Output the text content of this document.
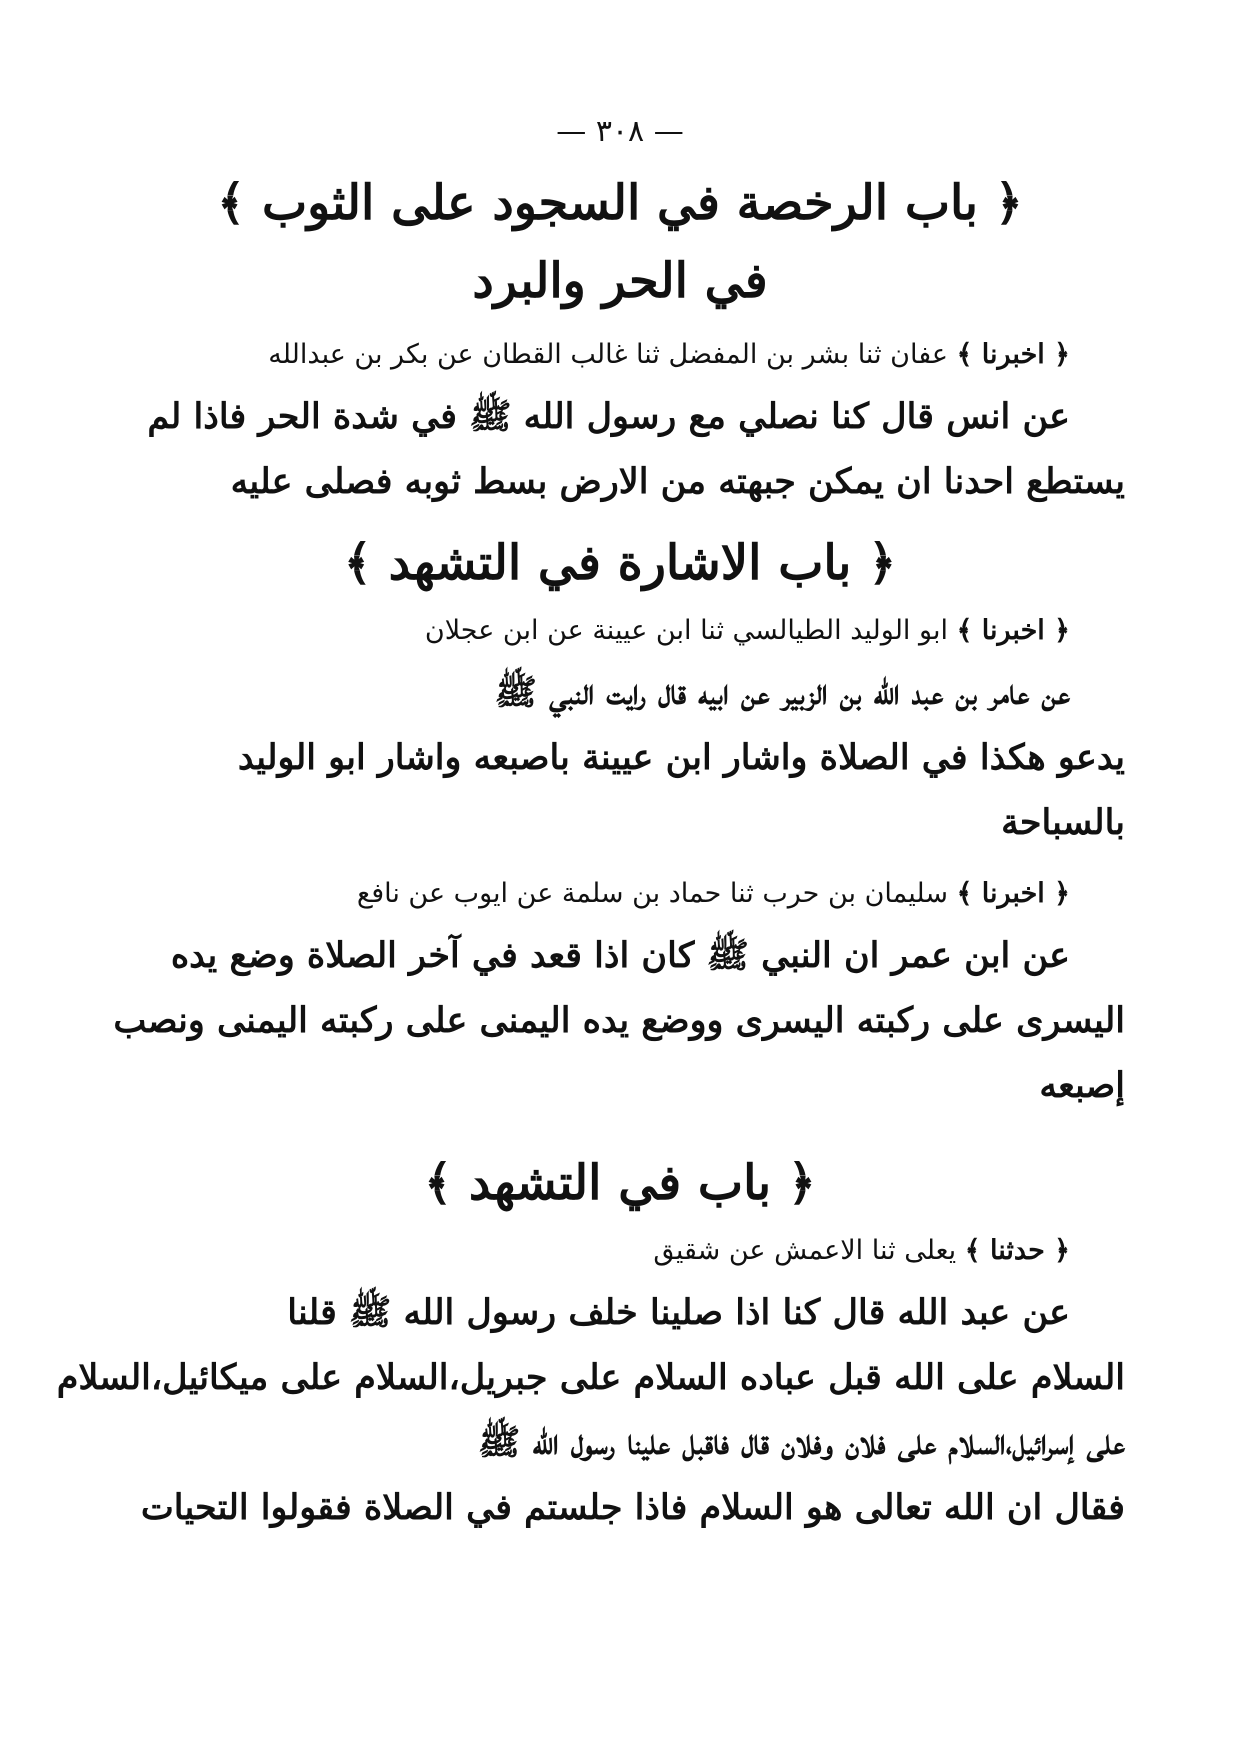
— ٣٠٨ —
﴿ باب الرخصة في السجود على الثوب ﴾
في الحر والبرد
﴿ اخبرنا ﴾ عفان ثنا بشر بن المفضل ثنا غالب القطان عن بكر بن عبدالله
عن انس قال كنا نصلي مع رسول الله ﷺ في شدة الحر فاذا لم
يستطع احدنا ان يمكن جبهته من الارض بسط ثوبه فصلى عليه
﴿ باب الاشارة في التشهد ﴾
﴿ اخبرنا ﴾ ابو الوليد الطيالسي ثنا ابن عيينة عن ابن عجلان
عن عامر بن عبد الله بن الزبير عن ابيه قال رايت النبي ﷺ
يدعو هكذا في الصلاة واشار ابن عيينة باصبعه واشار ابو الوليد
بالسباحة
﴿ اخبرنا ﴾ سليمان بن حرب ثنا حماد بن سلمة عن ايوب عن نافع
عن ابن عمر ان النبي ﷺ كان اذا قعد في آخر الصلاة وضع يده
اليسرى على ركبته اليسرى ووضع يده اليمنى على ركبته اليمنى ونصب
إصبعه
﴿ باب في التشهد ﴾
﴿ حدثنا ﴾ يعلى ثنا الاعمش عن شقيق
عن عبد الله قال كنا اذا صلينا خلف رسول الله ﷺ قلنا
السلام على الله قبل عباده السلام على جبريل،السلام على ميكائيل،السلام
على إسرائيل،السلام على فلان وفلان قال فاقبل علينا رسول الله ﷺ
فقال ان الله تعالى هو السلام فاذا جلستم في الصلاة فقولوا التحيات
